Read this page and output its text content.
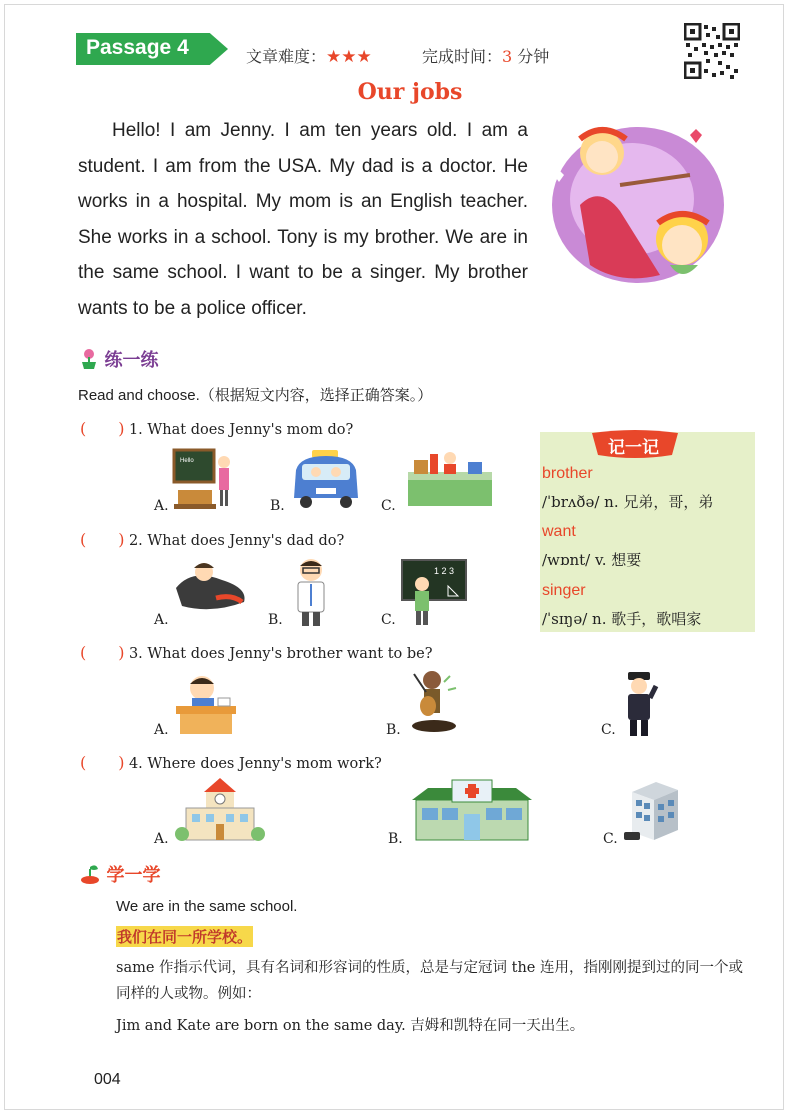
Passage 4	文章难度：★★★	完成时间：3 分钟
Our jobs

Hello! I am Jenny. I am ten years old. I am a student. I am from the USA. My dad is a doctor. He works in a hospital. My mom is an English teacher. She works in a school. Tony is my brother. We are in the same school. I want to be a singer. My brother wants to be a police officer.

练一练
Read and choose.（根据短文内容，选择正确答案。）
(　　) 1. What does Jenny's mom do?
A.
Hello
B.	C.
(　　) 2. What does Jenny's dad do?
A.	B.	C.
1 2 3
记一记
brother
/ˈbrʌðə/ n. 兄弟，哥，弟
want
/wɒnt/ v. 想要
singer
/ˈsɪŋə/ n. 歌手，歌唱家
(　　) 3. What does Jenny's brother want to be?
A.	B.	C.
(　　) 4. Where does Jenny's mom work?
A.	B.	C.
学一学
We are in the same school.
我们在同一所学校。
same 作指示代词，具有名词和形容词的性质，总是与定冠词 the 连用，指刚刚提到过的同一个或同样的人或物。例如：
Jim and Kate are born on the same day. 吉姆和凯特在同一天出生。
004
